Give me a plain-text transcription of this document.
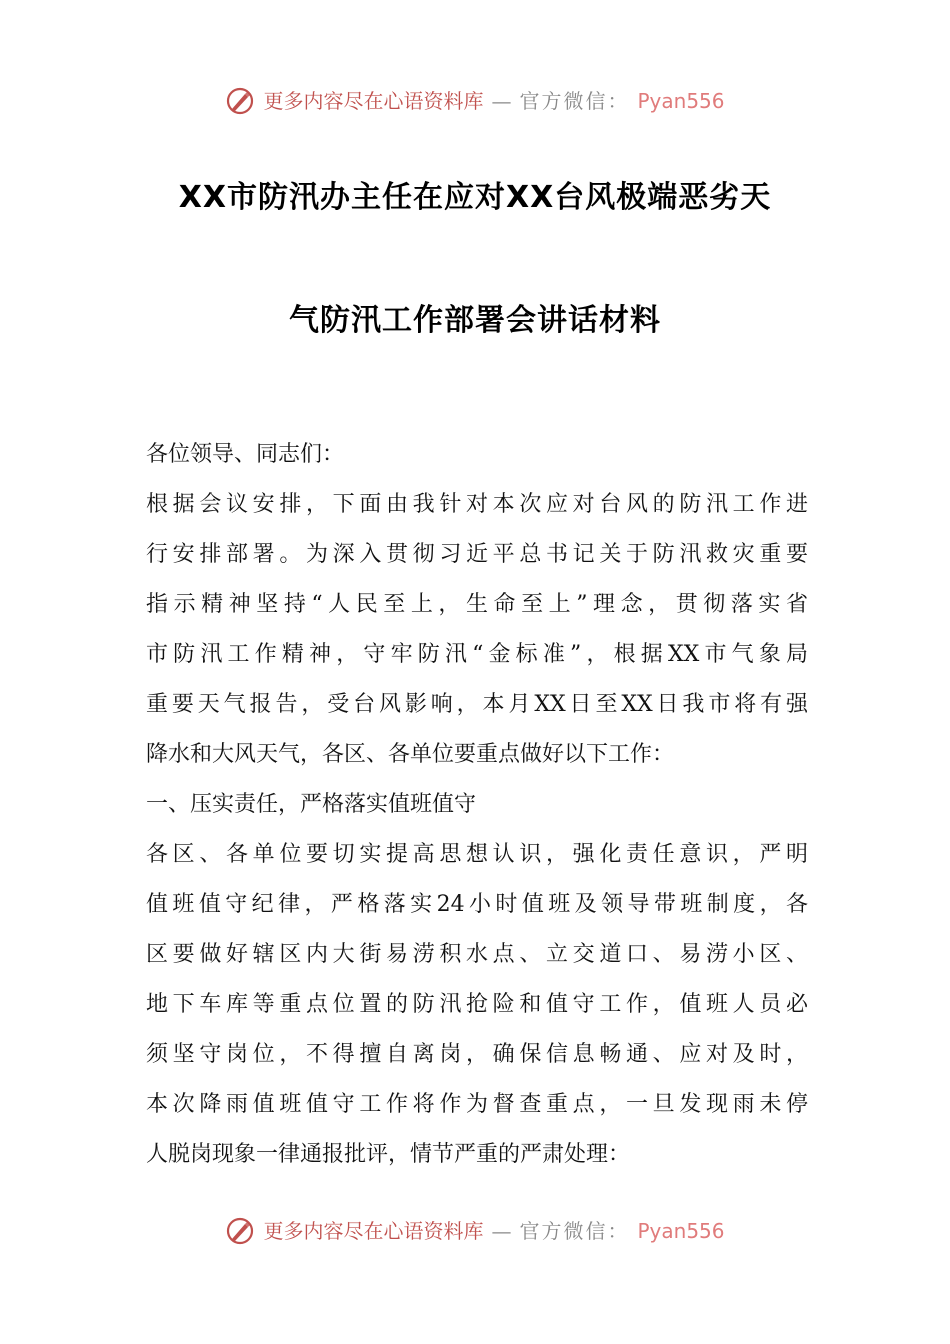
更多内容尽在心语资料库 — 官方微信： Pyan556
XX市防汛办主任在应对XX台风极端恶劣天
气防汛工作部署会讲话材料
各位领导、同志们：
根据会议安排，下面由我针对本次应对台风的防汛工作进
行安排部署。为深入贯彻习近平总书记关于防汛救灾重要
指示精神坚持“人民至上，生命至上”理念，贯彻落实省
市防汛工作精神，守牢防汛“金标准”，根据XX市气象局
重要天气报告，受台风影响，本月XX日至XX日我市将有强
降水和大风天气，各区、各单位要重点做好以下工作：
一、压实责任，严格落实值班值守
各区、各单位要切实提高思想认识，强化责任意识，严明
值班值守纪律，严格落实24小时值班及领导带班制度，各
区要做好辖区内大街易涝积水点、立交道口、易涝小区、
地下车库等重点位置的防汛抢险和值守工作，值班人员必
须坚守岗位，不得擅自离岗，确保信息畅通、应对及时，
本次降雨值班值守工作将作为督查重点，一旦发现雨未停
人脱岗现象一律通报批评，情节严重的严肃处理：
更多内容尽在心语资料库 — 官方微信： Pyan556
